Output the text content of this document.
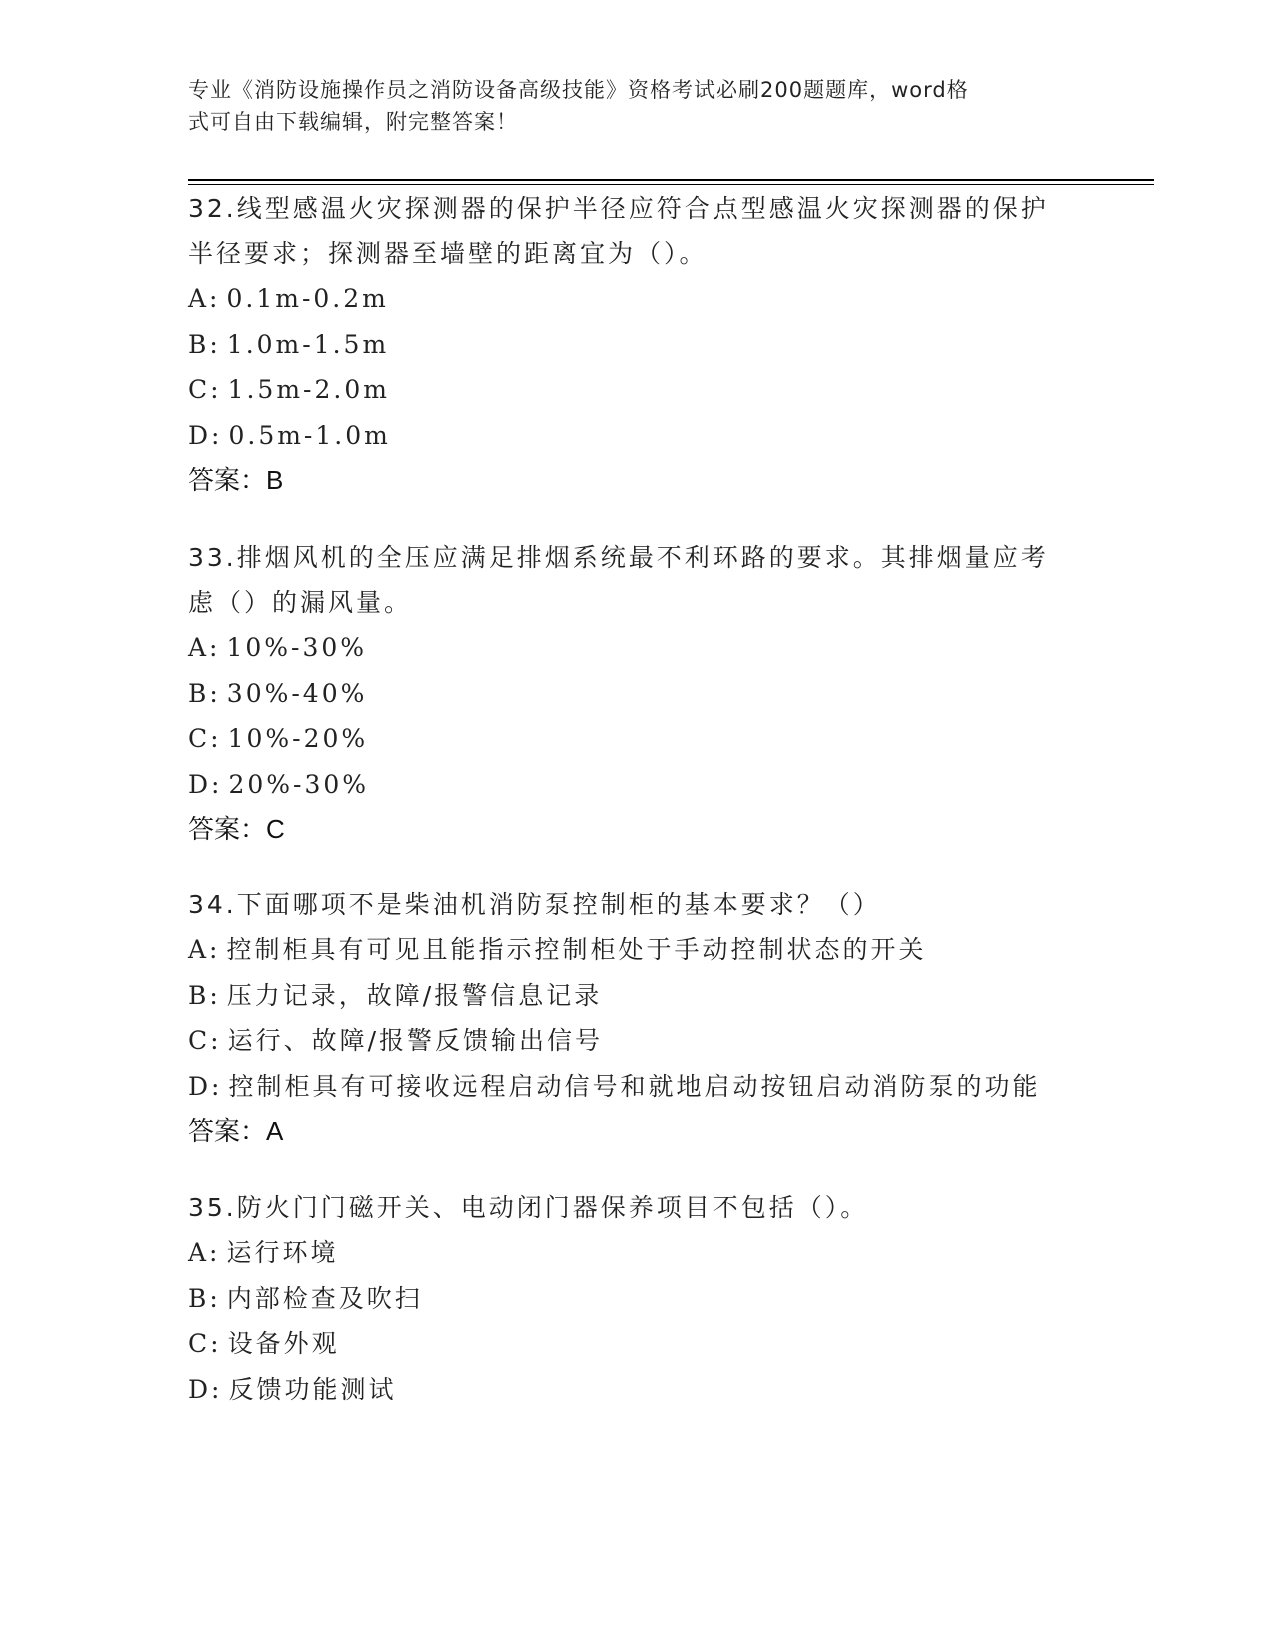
专业《消防设施操作员之消防设备高级技能》资格考试必刷200题题库，word格
式可自由下载编辑，附完整答案！

32.线型感温火灾探测器的保护半径应符合点型感温火灾探测器的保护
半径要求；探测器至墙壁的距离宜为（）。

A: 0.1m-0.2m
B: 1.0m-1.5m
C: 1.5m-2.0m
D: 0.5m-1.0m
答案：B

33.排烟风机的全压应满足排烟系统最不利环路的要求。其排烟量应考
虑（）的漏风量。

A: 10%-30%
B: 30%-40%
C: 10%-20%
D: 20%-30%
答案：C

34.下面哪项不是柴油机消防泵控制柜的基本要求？（）

A: 控制柜具有可见且能指示控制柜处于手动控制状态的开关
B: 压力记录，故障/报警信息记录
C: 运行、故障/报警反馈输出信号
D: 控制柜具有可接收远程启动信号和就地启动按钮启动消防泵的功能
答案：A

35.防火门门磁开关、电动闭门器保养项目不包括（）。

A: 运行环境
B: 内部检查及吹扫
C: 设备外观
D: 反馈功能测试
